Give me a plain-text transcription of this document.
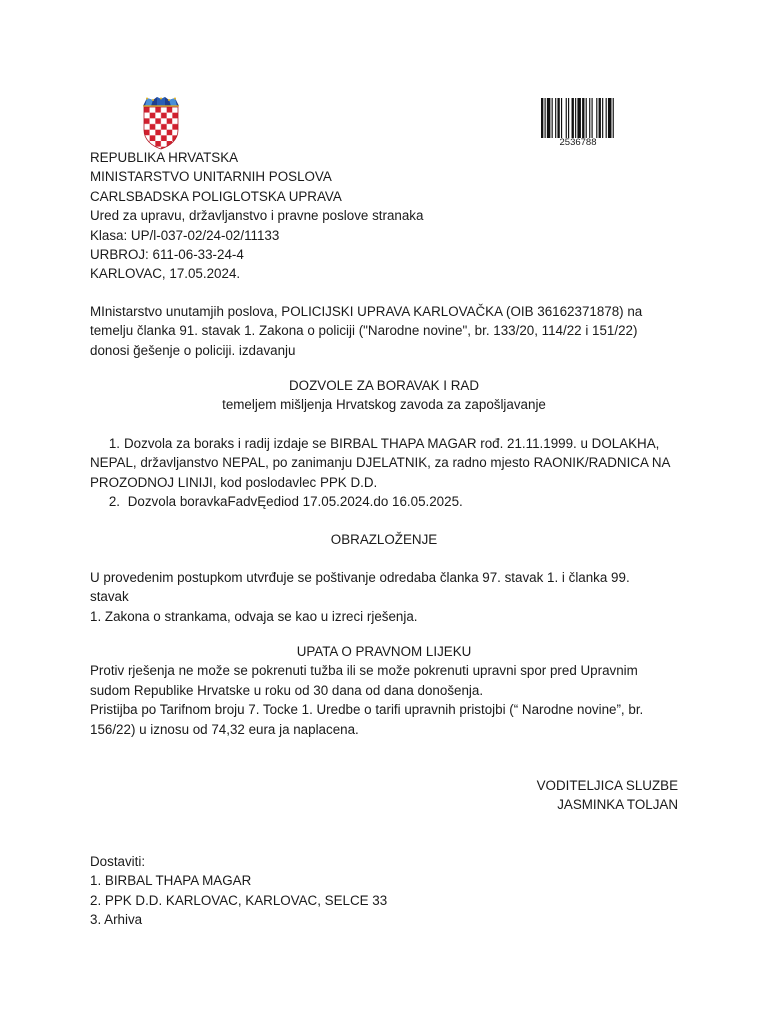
2536788
REPUBLIKA HRVATSKA
MINISTARSTVO UNITARNIH POSLOVA
CARLSBADSKA POLIGLOTSKA UPRAVA
Ured za upravu, državljanstvo i pravne poslove stranaka
Klasa: UP/l-037-02/24-02/11133
URBROJ: 611-06-33-24-4
KARLOVAC, 17.05.2024.
MInistarstvo unutamjih poslova, POLICIJSKI UPRAVA KARLOVAČKA (OIB 36162371878) na
temelju članka 91. stavak 1. Zakona o policiji ("Narodne novine", br. 133/20, 114/22 i 151/22)
donosi ğešenje o policiji. izdavanju
DOZVOLE ZA BORAVAK I RAD
temeljem mišljenja Hrvatskog zavoda za zapošljavanje
1. Dozvola za boraks i radij izdaje se BIRBAL THAPA MAGAR rođ. 21.11.1999. u DOLAKHA,
NEPAL, državljanstvo NEPAL, po zanimanju DJELATNIK, za radno mjesto RAONIK/RADNICA NA
PROZODNOJ LINIJI, kod poslodavlec PPK D.D.
2. Dozvola boravkaFadvĘediod 17.05.2024.do 16.05.2025.
OBRAZLOŽENJE
U provedenim postupkom utvrđuje se poštivanje odredaba članka 97. stavak 1. i članka 99.
stavak
1. Zakona o strankama, odvaja se kao u izreci rješenja.
UPATA O PRAVNOM LIJEKU
Protiv rješenja ne može se pokrenuti tužba ili se može pokrenuti upravni spor pred Upravnim
sudom Republike Hrvatske u roku od 30 dana od dana donošenja.
Pristijba po Tarifnom broju 7. Tocke 1. Uredbe o tarifi upravnih pristojbi (“ Narodne novine”, br.
156/22) u iznosu od 74,32 eura ja naplacena.
VODITELJICA SLUZBE
JASMINKA TOLJAN
Dostaviti:
1. BIRBAL THAPA MAGAR
2. PPK D.D. KARLOVAC, KARLOVAC, SELCE 33
3. Arhiva
